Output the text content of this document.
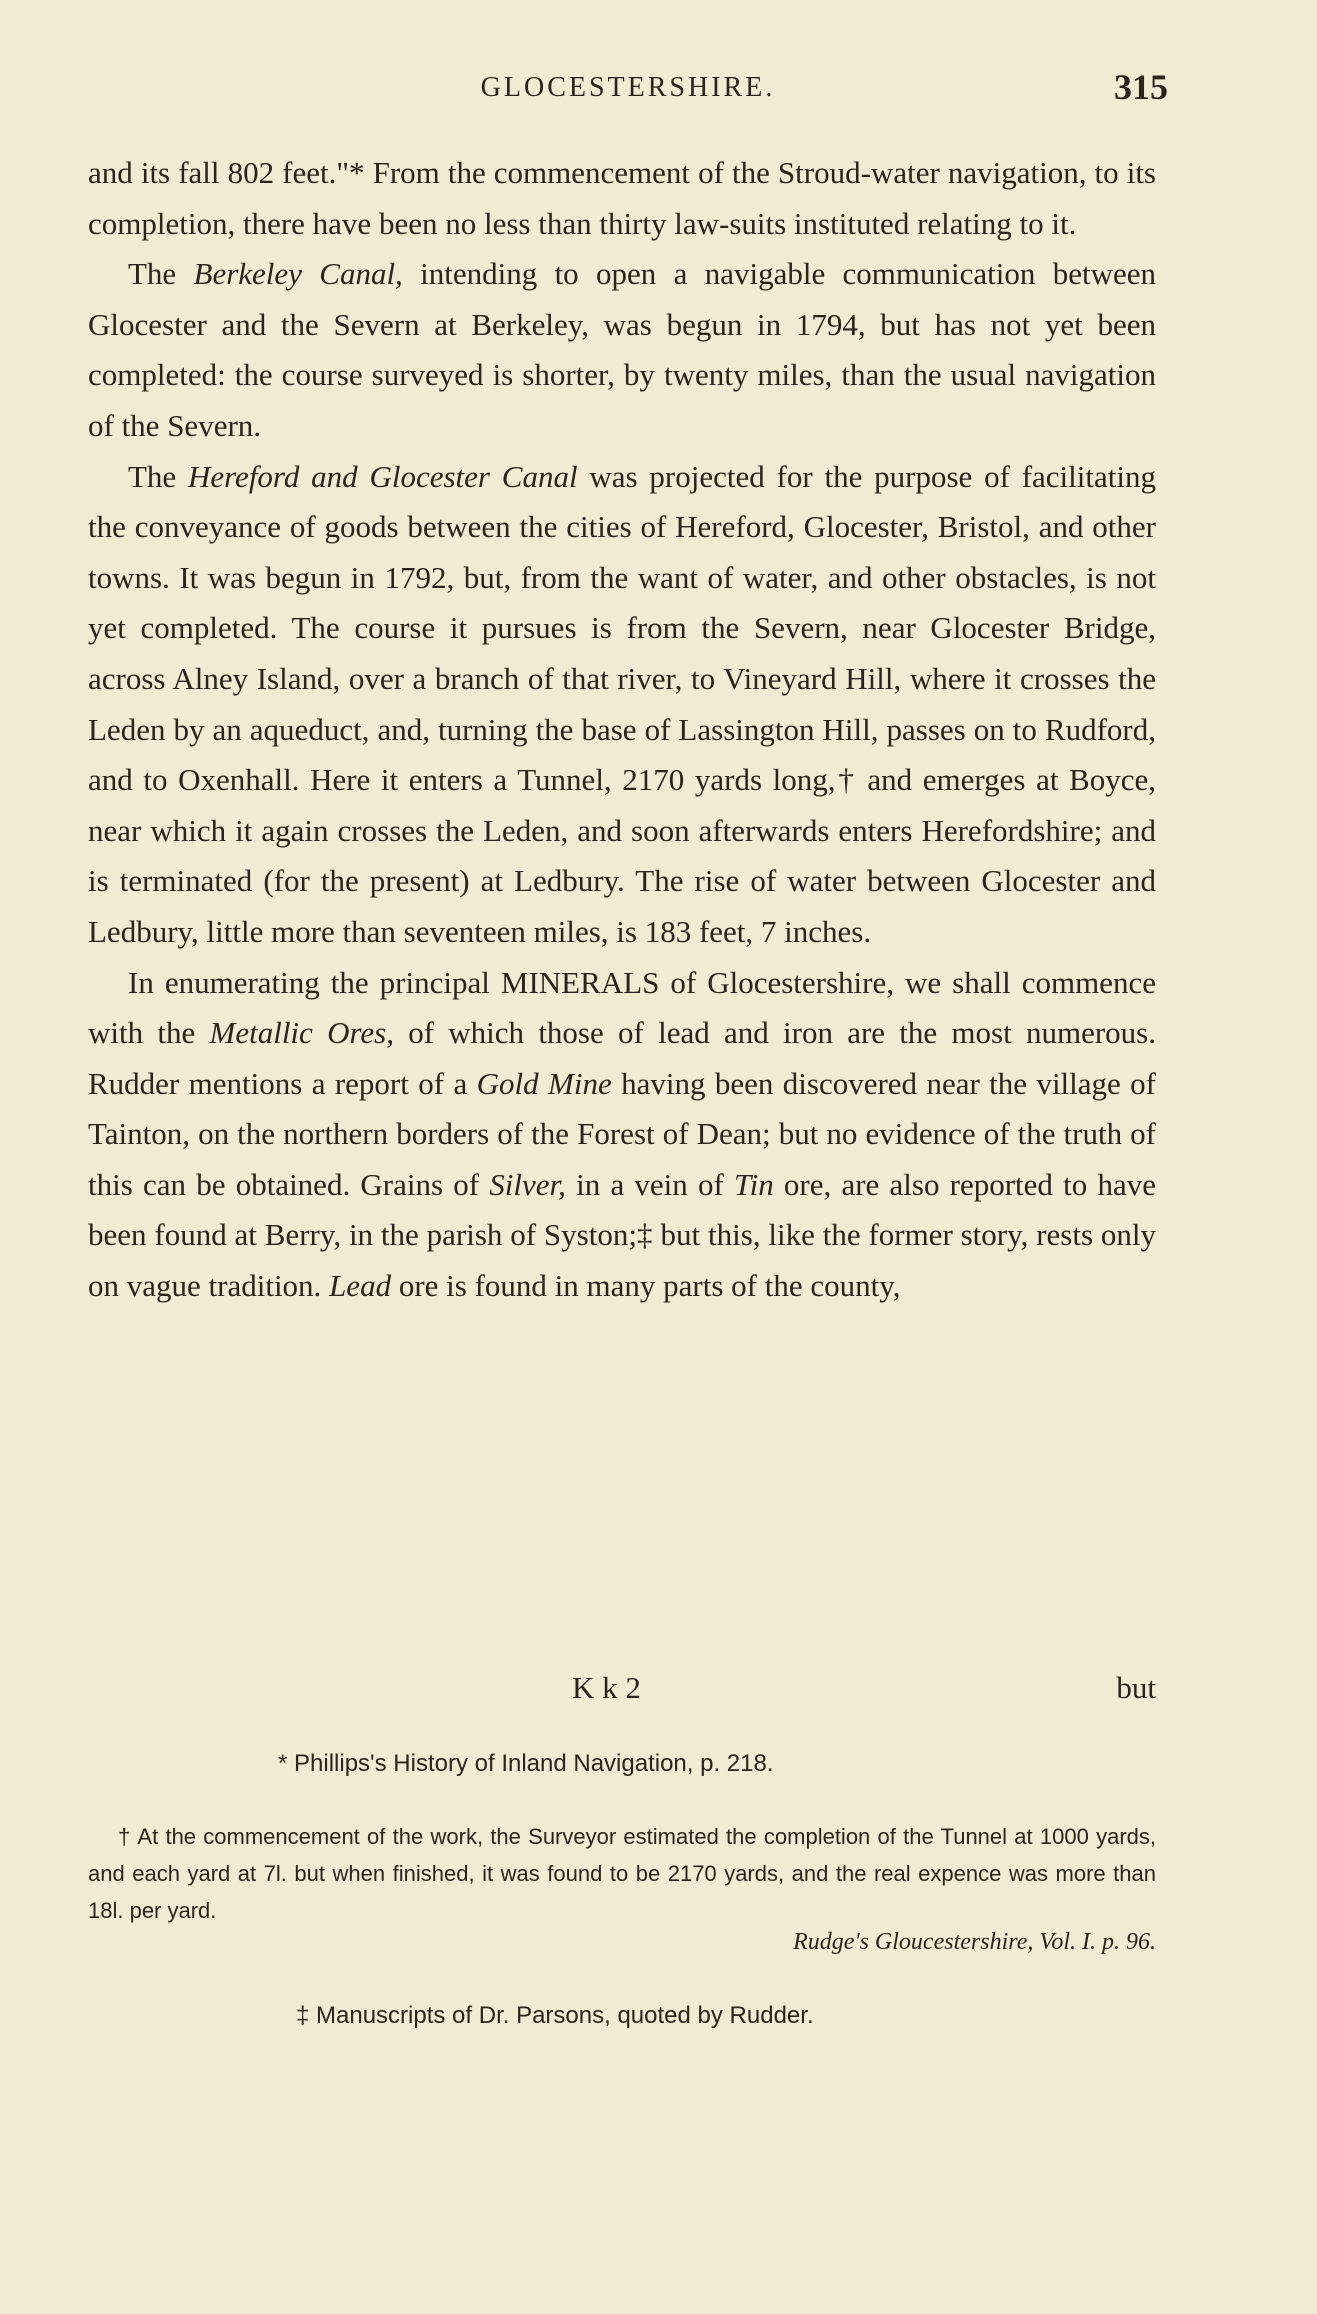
GLOCESTERSHIRE.	315

and its fall 802 feet."* From the commencement of the Stroud-water navigation, to its completion, there have been no less than thirty law-suits instituted relating to it.

The Berkeley Canal, intending to open a navigable communication between Glocester and the Severn at Berkeley, was begun in 1794, but has not yet been completed: the course surveyed is shorter, by twenty miles, than the usual navigation of the Severn.

The Hereford and Glocester Canal was projected for the purpose of facilitating the conveyance of goods between the cities of Hereford, Glocester, Bristol, and other towns. It was begun in 1792, but, from the want of water, and other obstacles, is not yet completed. The course it pursues is from the Severn, near Glocester Bridge, across Alney Island, over a branch of that river, to Vineyard Hill, where it crosses the Leden by an aqueduct, and, turning the base of Lassington Hill, passes on to Rudford, and to Oxenhall. Here it enters a Tunnel, 2170 yards long,† and emerges at Boyce, near which it again crosses the Leden, and soon afterwards enters Herefordshire; and is terminated (for the present) at Ledbury. The rise of water between Glocester and Ledbury, little more than seventeen miles, is 183 feet, 7 inches.

In enumerating the principal MINERALS of Glocestershire, we shall commence with the Metallic Ores, of which those of lead and iron are the most numerous. Rudder mentions a report of a Gold Mine having been discovered near the village of Tainton, on the northern borders of the Forest of Dean; but no evidence of the truth of this can be obtained. Grains of Silver, in a vein of Tin ore, are also reported to have been found at Berry, in the parish of Syston;‡ but this, like the former story, rests only on vague tradition. Lead ore is found in many parts of the county,

K k 2	but

* Phillips's History of Inland Navigation, p. 218.

† At the commencement of the work, the Surveyor estimated the completion of the Tunnel at 1000 yards, and each yard at 7l. but when finished, it was found to be 2170 yards, and the real expence was more than 18l. per yard.

Rudge's Gloucestershire, Vol. I. p. 96.

‡ Manuscripts of Dr. Parsons, quoted by Rudder.
